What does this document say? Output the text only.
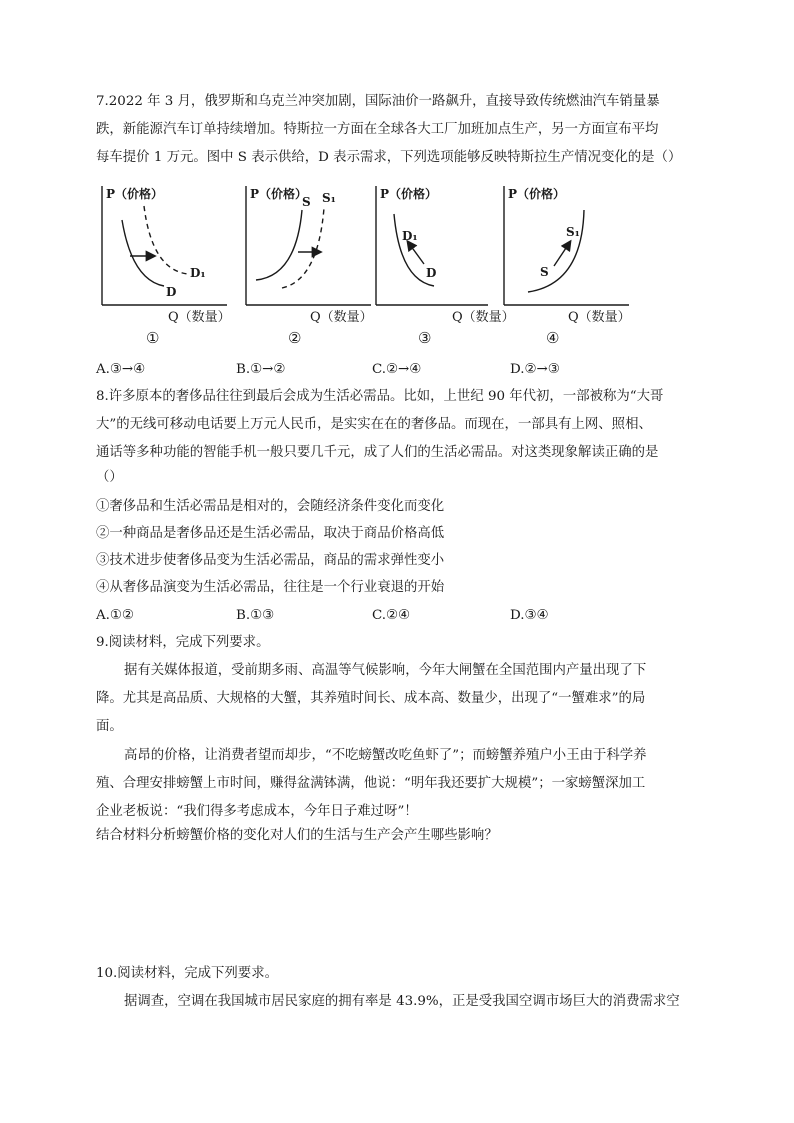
7.2022 年 3 月，俄罗斯和乌克兰冲突加剧，国际油价一路飙升，直接导致传统燃油汽车销量暴
跌，新能源汽车订单持续增加。特斯拉一方面在全球各大工厂加班加点生产，另一方面宣布平均
每车提价 1 万元。图中 S 表示供给，D 表示需求，下列选项能够反映特斯拉生产情况变化的是（）
P（价格）
D
D₁
Q（数量）
①
P（价格）
S S₁
Q（数量）
②
P（价格）
D₁
D
Q（数量）
③
P（价格）
S
S₁
Q（数量）
④
A.③→④	B.①→②	C.②→④	D.②→③
8.许多原本的奢侈品往往到最后会成为生活必需品。比如，上世纪 90 年代初，一部被称为“大哥
大”的无线可移动电话要上万元人民币，是实实在在的奢侈品。而现在，一部具有上网、照相、
通话等多种功能的智能手机一般只要几千元，成了人们的生活必需品。对这类现象解读正确的是
（）
①奢侈品和生活必需品是相对的，会随经济条件变化而变化
②一种商品是奢侈品还是生活必需品，取决于商品价格高低
③技术进步使奢侈品变为生活必需品，商品的需求弹性变小
④从奢侈品演变为生活必需品，往往是一个行业衰退的开始
A.①②	B.①③	C.②④	D.③④
9.阅读材料，完成下列要求。
据有关媒体报道，受前期多雨、高温等气候影响，今年大闸蟹在全国范围内产量出现了下
降。尤其是高品质、大规格的大蟹，其养殖时间长、成本高、数量少，出现了“一蟹难求”的局
面。
高昂的价格，让消费者望而却步，“不吃螃蟹改吃鱼虾了”；而螃蟹养殖户小王由于科学养
殖、合理安排螃蟹上市时间，赚得盆满钵满，他说：“明年我还要扩大规模”；一家螃蟹深加工
企业老板说：“我们得多考虑成本，今年日子难过呀”！
结合材料分析螃蟹价格的变化对人们的生活与生产会产生哪些影响？
10.阅读材料，完成下列要求。
据调查，空调在我国城市居民家庭的拥有率是 43.9%，正是受我国空调市场巨大的消费需求空
